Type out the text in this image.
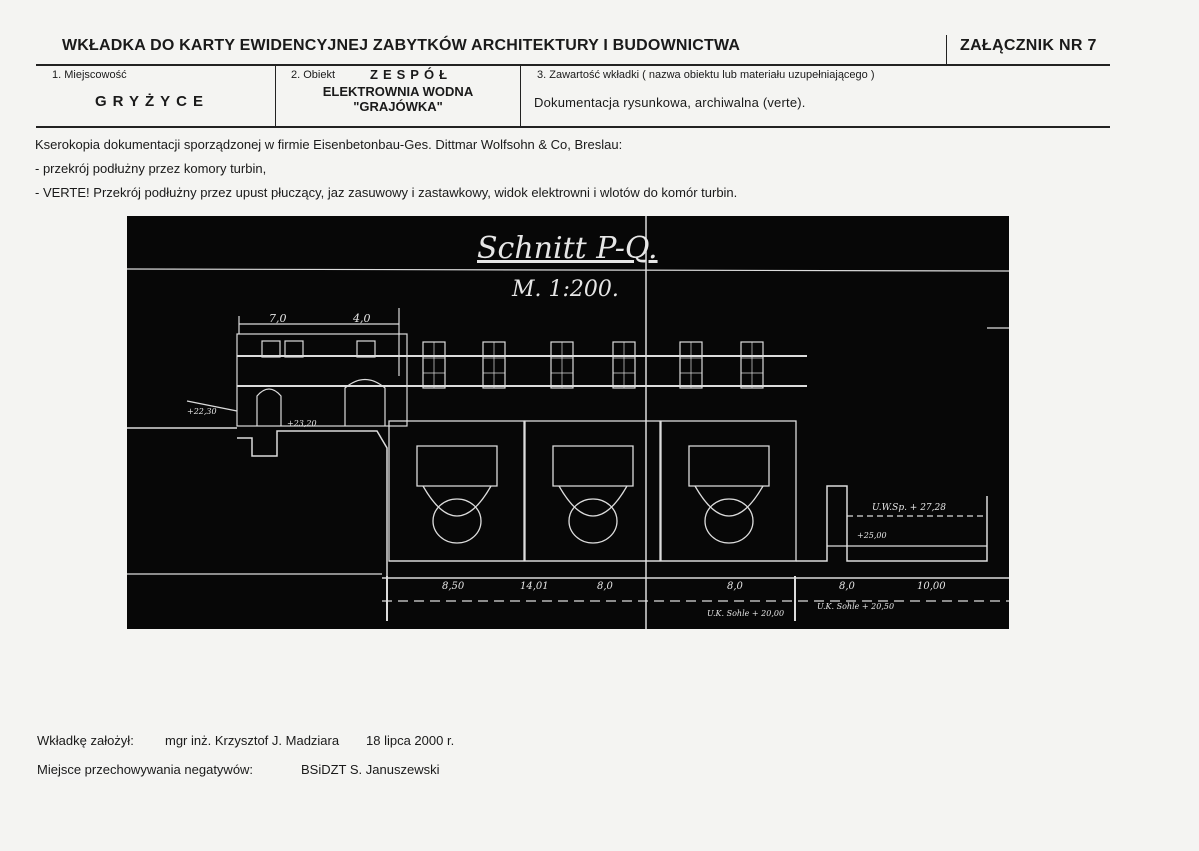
WKŁADKA DO KARTY EWIDENCYJNEJ ZABYTKÓW ARCHITEKTURY I BUDOWNICTWA	ZAŁĄCZNIK NR 7
1. Miejscowość
GRYŻYCE
2. Obiekt	ZESPÓŁ
ELEKTROWNIA WODNA
"GRAJÓWKA"
3. Zawartość wkładki ( nazwa obiektu lub materiału uzupełniającego )
Dokumentacja rysunkowa, archiwalna (verte).
Kserokopia dokumentacji sporządzonej w firmie Eisenbetonbau-Ges. Dittmar Wolfsohn & Co, Breslau:
- przekrój podłużny przez komory turbin,
- VERTE! Przekrój podłużny przez upust płuczący, jaz zasuwowy i zastawkowy, widok elektrowni i wlotów do komór turbin.
Schnitt P-Q.
M. 1:200.
7,0	4,0
+23,20
+22,30
+25,00
8,50	14,01	8,0	8,0	8,0	10,00
U.W.Sp. + 27,28
U.K. Sohle + 20,00
U.K. Sohle + 20,50
Wkładkę założył: mgr inż. Krzysztof J. Madziara 18 lipca 2000 r.
Miejsce przechowywania negatywów:	BSiDZT S. Januszewski
